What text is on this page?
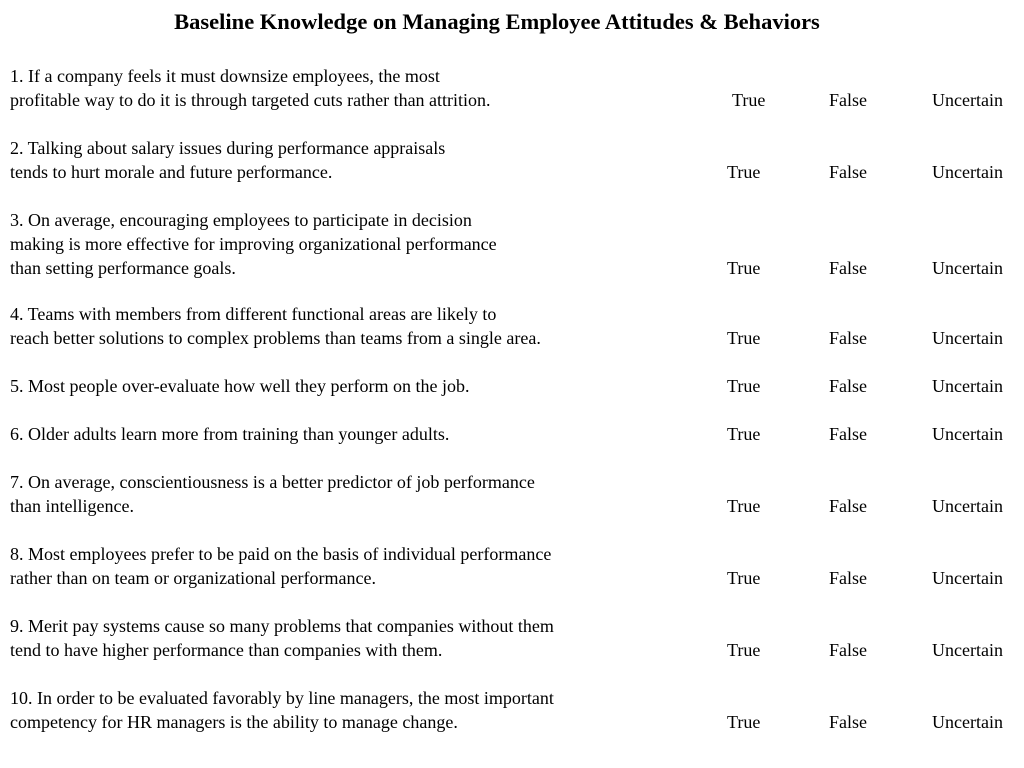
Baseline Knowledge on Managing Employee Attitudes & Behaviors
1. If a company feels it must downsize employees, the most
profitable way to do it is through targeted cuts rather than attrition.	True	False	Uncertain
2. Talking about salary issues during performance appraisals
tends to hurt morale and future performance.	True	False	Uncertain
3. On average, encouraging employees to participate in decision
making is more effective for improving organizational performance
than setting performance goals.	True	False	Uncertain
4. Teams with members from different functional areas are likely to
reach better solutions to complex problems than teams from a single area.	True	False	Uncertain
5. Most people over-evaluate how well they perform on the job.	True	False	Uncertain
6. Older adults learn more from training than younger adults.	True	False	Uncertain
7. On average, conscientiousness is a better predictor of job performance
than intelligence.	True	False	Uncertain
8. Most employees prefer to be paid on the basis of individual performance
rather than on team or organizational performance.	True	False	Uncertain
9. Merit pay systems cause so many problems that companies without them
tend to have higher performance than companies with them.	True	False	Uncertain
10. In order to be evaluated favorably by line managers, the most important
competency for HR managers is the ability to manage change.	True	False	Uncertain
